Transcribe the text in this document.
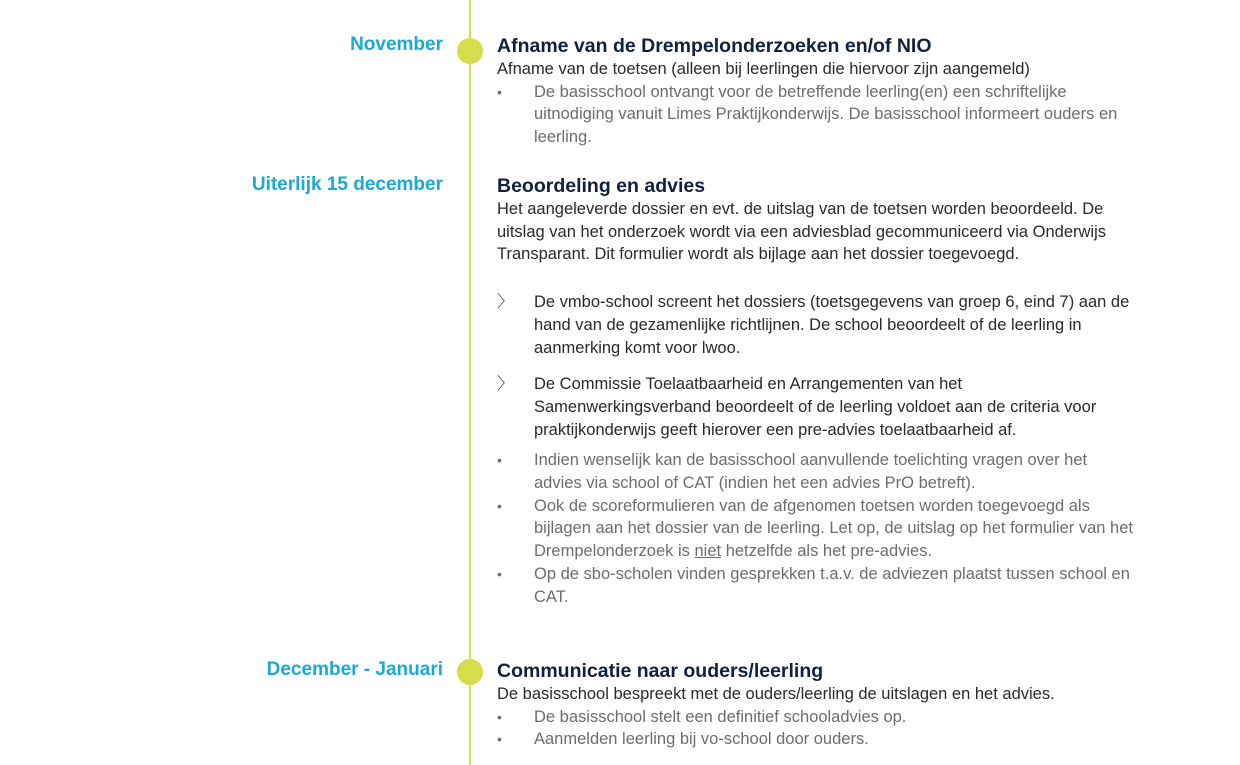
November	Afname van de Drempelonderzoeken en/of NIO
Afname van de toetsen (alleen bij leerlingen die hiervoor zijn aangemeld)
• De basisschool ontvangt voor de betreffende leerling(en) een schriftelijke uitnodiging vanuit Limes Praktijkonderwijs. De basisschool informeert ouders en leerling.
Uiterlijk 15 december	Beoordeling en advies
Het aangeleverde dossier en evt. de uitslag van de toetsen worden beoordeeld. De uitslag van het onderzoek wordt via een adviesblad gecommuniceerd via Onderwijs Transparant. Dit formulier wordt als bijlage aan het dossier toegevoegd.
〉 De vmbo-school screent het dossiers (toetsgegevens van groep 6, eind 7) aan de hand van de gezamenlijke richtlijnen. De school beoordeelt of de leerling in aanmerking komt voor lwoo.
〉 De Commissie Toelaatbaarheid en Arrangementen van het Samenwerkingsverband beoordeelt of de leerling voldoet aan de criteria voor praktijkonderwijs geeft hierover een pre-advies toelaatbaarheid af.
• Indien wenselijk kan de basisschool aanvullende toelichting vragen over het advies via school of CAT (indien het een advies PrO betreft).
• Ook de scoreformulieren van de afgenomen toetsen worden toegevoegd als bijlagen aan het dossier van de leerling. Let op, de uitslag op het formulier van het Drempelonderzoek is niet hetzelfde als het pre-advies.
• Op de sbo-scholen vinden gesprekken t.a.v. de adviezen plaatst tussen school en CAT.
December - Januari	Communicatie naar ouders/leerling
De basisschool bespreekt met de ouders/leerling de uitslagen en het advies.
• De basisschool stelt een definitief schooladvies op.
• Aanmelden leerling bij vo-school door ouders.
